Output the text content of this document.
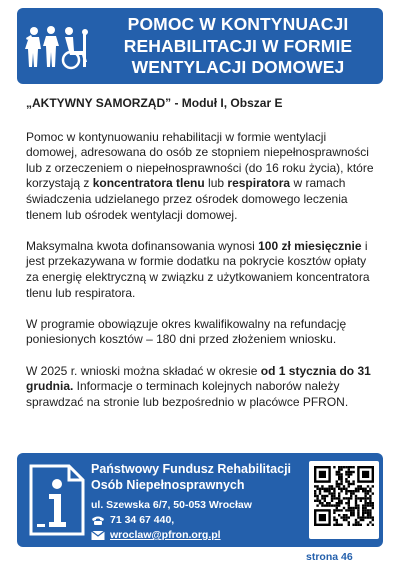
POMOC W KONTYNUACJI REHABILITACJI W FORMIE WENTYLACJI DOMOWEJ

„AKTYWNY SAMORZĄD” - Moduł I, Obszar E

Pomoc w kontynuowaniu rehabilitacji w formie wentylacji domowej, adresowana do osób ze stopniem niepełnosprawności lub z orzeczeniem o niepełnosprawności (do 16 roku życia), które korzystają z koncentratora tlenu lub respiratora w ramach świadczenia udzielanego przez ośrodek domowego leczenia tlenem lub ośrodek wentylacji domowej.

Maksymalna kwota dofinansowania wynosi 100 zł miesięcznie i jest przekazywana w formie dodatku na pokrycie kosztów opłaty za energię elektryczną w związku z użytkowaniem koncentratora tlenu lub respiratora.

W programie obowiązuje okres kwalifikowalny na refundację poniesionych kosztów – 180 dni przed złożeniem wniosku.

W 2025 r. wnioski można składać w okresie od 1 stycznia do 31 grudnia. Informacje o terminach kolejnych naborów należy sprawdzać na stronie lub bezpośrednio w placówce PFRON.

Państwowy Fundusz Rehabilitacji
Osób Niepełnosprawnych
ul. Szewska 6/7, 50-053 Wrocław
71 34 67 440,
wroclaw@pfron.org.pl
strona 46
